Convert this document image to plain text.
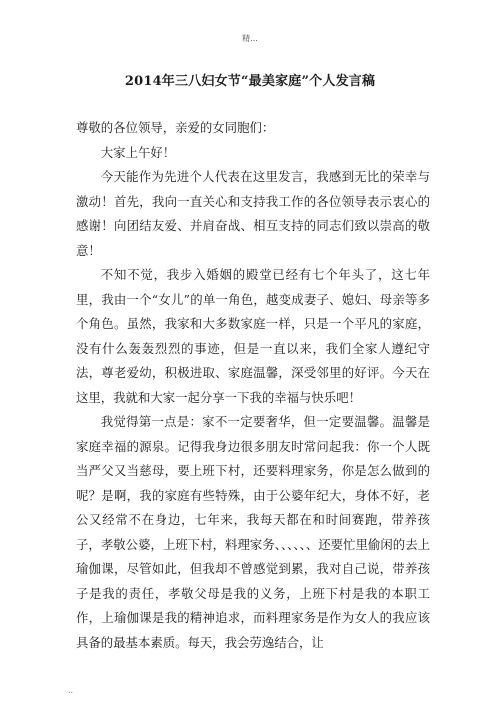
精...
2014年三八妇女节“最美家庭”个人发言稿

尊敬的各位领导，亲爱的女同胞们：

大家上午好！

今天能作为先进个人代表在这里发言，我感到无比的荣幸与激动！首先，我向一直关心和支持我工作的各位领导表示衷心的感谢！向团结友爱、并肩奋战、相互支持的同志们致以崇高的敬意！

不知不觉，我步入婚姻的殿堂已经有七个年头了，这七年里，我由一个“女儿”的单一角色，越变成妻子、媳妇、母亲等多个角色。虽然，我家和大多数家庭一样，只是一个平凡的家庭，没有什么轰轰烈烈的事迹，但是一直以来，我们全家人遵纪守法，尊老爱幼，积极进取、家庭温馨，深受邻里的好评。今天在这里，我就和大家一起分享一下我的幸福与快乐吧！

我觉得第一点是：家不一定要奢华，但一定要温馨。温馨是家庭幸福的源泉。记得我身边很多朋友时常问起我：你一个人既当严父又当慈母，要上班下村，还要料理家务，你是怎么做到的呢？是啊，我的家庭有些特殊，由于公婆年纪大，身体不好，老公又经常不在身边，七年来，我每天都在和时间赛跑，带养孩子，孝敬公婆，上班下村，料理家务、、、、、、还要忙里偷闲的去上瑜伽课，尽管如此，但我却不曾感觉到累，我对自己说，带养孩子是我的责任，孝敬父母是我的义务，上班下村是我的本职工作，上瑜伽课是我的精神追求，而料理家务是作为女人的我应该具备的最基本素质。每天，我会劳逸结合，让

..
